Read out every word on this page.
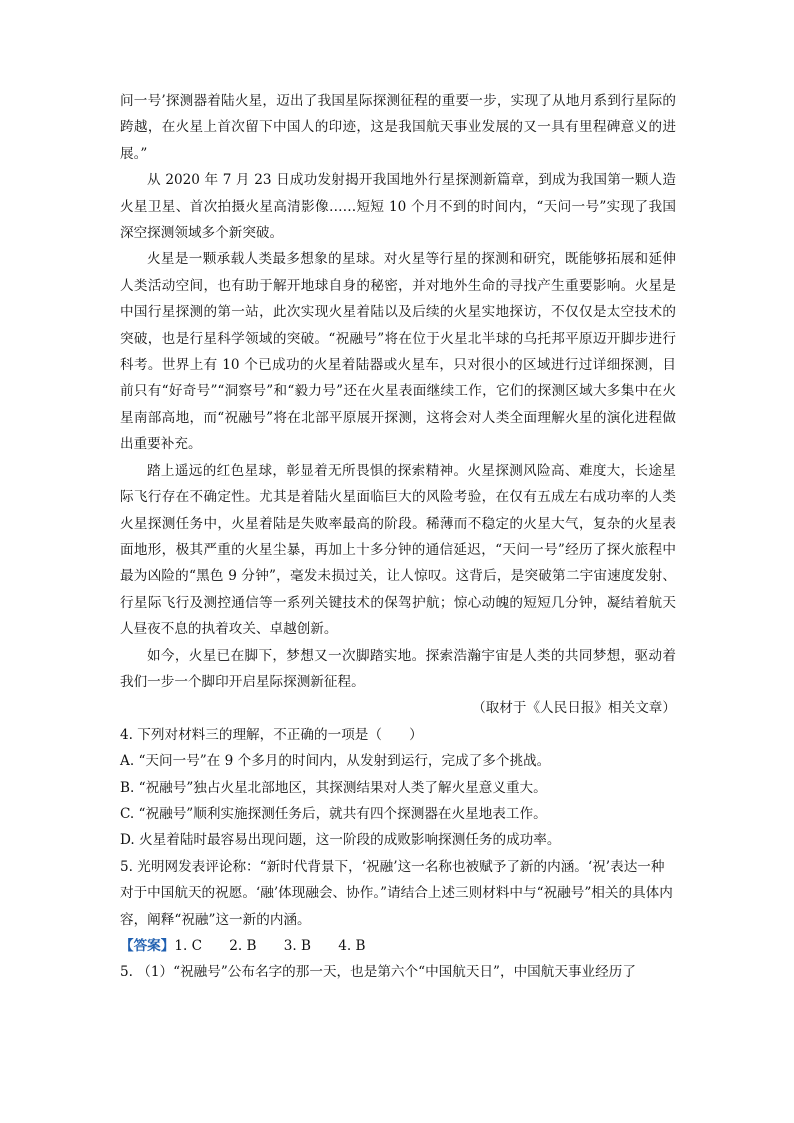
问一号’探测器着陆火星，迈出了我国星际探测征程的重要一步，实现了从地月系到行星际的跨越，在火星上首次留下中国人的印迹，这是我国航天事业发展的又一具有里程碑意义的进展。”

从 2020 年 7 月 23 日成功发射揭开我国地外行星探测新篇章，到成为我国第一颗人造火星卫星、首次拍摄火星高清影像……短短 10 个月不到的时间内，“天问一号”实现了我国深空探测领域多个新突破。

火星是一颗承载人类最多想象的星球。对火星等行星的探测和研究，既能够拓展和延伸人类活动空间，也有助于解开地球自身的秘密，并对地外生命的寻找产生重要影响。火星是中国行星探测的第一站，此次实现火星着陆以及后续的火星实地探访，不仅仅是太空技术的突破，也是行星科学领域的突破。“祝融号”将在位于火星北半球的乌托邦平原迈开脚步进行科考。世界上有 10 个已成功的火星着陆器或火星车，只对很小的区域进行过详细探测，目前只有“好奇号”“洞察号”和“毅力号”还在火星表面继续工作，它们的探测区域大多集中在火星南部高地，而“祝融号”将在北部平原展开探测，这将会对人类全面理解火星的演化进程做出重要补充。

踏上遥远的红色星球，彰显着无所畏惧的探索精神。火星探测风险高、难度大，长途星际飞行存在不确定性。尤其是着陆火星面临巨大的风险考验，在仅有五成左右成功率的人类火星探测任务中，火星着陆是失败率最高的阶段。稀薄而不稳定的火星大气，复杂的火星表面地形，极其严重的火星尘暴，再加上十多分钟的通信延迟，“天问一号”经历了探火旅程中最为凶险的“黑色 9 分钟”，毫发未损过关，让人惊叹。这背后，是突破第二宇宙速度发射、行星际飞行及测控通信等一系列关键技术的保驾护航；惊心动魄的短短几分钟，凝结着航天人昼夜不息的执着攻关、卓越创新。

如今，火星已在脚下，梦想又一次脚踏实地。探索浩瀚宇宙是人类的共同梦想，驱动着我们一步一个脚印开启星际探测新征程。

（取材于《人民日报》相关文章）

4. 下列对材料三的理解，不正确的一项是（　　）

A. “天问一号”在 9 个多月的时间内，从发射到运行，完成了多个挑战。

B. “祝融号”独占火星北部地区，其探测结果对人类了解火星意义重大。

C. “祝融号”顺利实施探测任务后，就共有四个探测器在火星地表工作。

D. 火星着陆时最容易出现问题，这一阶段的成败影响探测任务的成功率。

5. 光明网发表评论称：“新时代背景下，‘祝融’这一名称也被赋予了新的内涵。‘祝’表达一种对于中国航天的祝愿。‘融’体现融会、协作。”请结合上述三则材料中与“祝融号”相关的具体内容，阐释“祝融”这一新的内涵。

【答案】1. C　　2. B　　3. B　　4. B

5. （1）“祝融号”公布名字的那一天，也是第六个“中国航天日”，中国航天事业经历了
